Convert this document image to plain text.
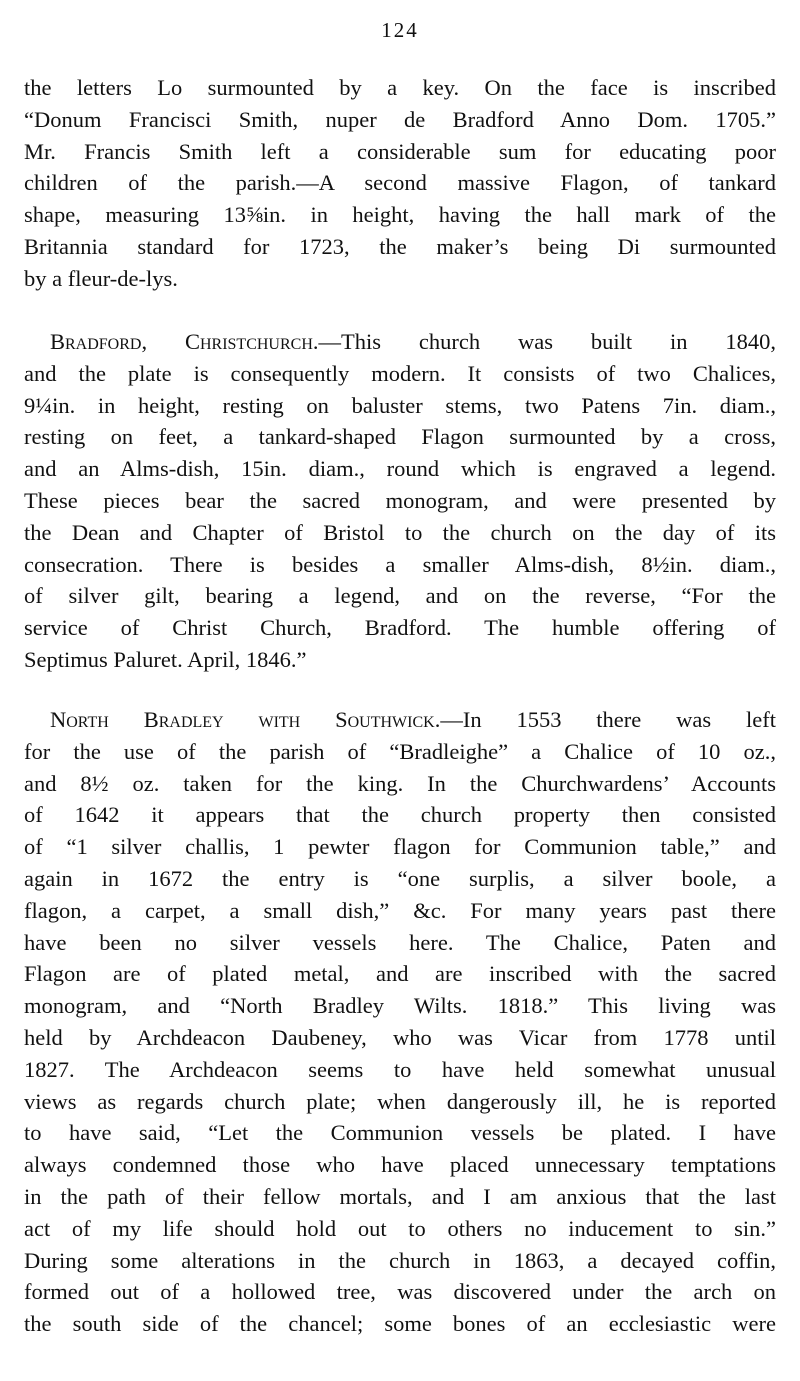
124
the letters Lo surmounted by a key. On the face is inscribed
“Donum Francisci Smith, nuper de Bradford Anno Dom. 1705.”
Mr. Francis Smith left a considerable sum for educating poor
children of the parish.—A second massive Flagon, of tankard
shape, measuring 13⅝in. in height, having the hall mark of the
Britannia standard for 1723, the maker’s being Di surmounted
by a fleur-de-lys.
Bradford, Christchurch.—This church was built in 1840,
and the plate is consequently modern. It consists of two Chalices,
9¼in. in height, resting on baluster stems, two Patens 7in. diam.,
resting on feet, a tankard-shaped Flagon surmounted by a cross,
and an Alms-dish, 15in. diam., round which is engraved a legend.
These pieces bear the sacred monogram, and were presented by
the Dean and Chapter of Bristol to the church on the day of its
consecration. There is besides a smaller Alms-dish, 8½in. diam.,
of silver gilt, bearing a legend, and on the reverse, “For the
service of Christ Church, Bradford. The humble offering of
Septimus Paluret. April, 1846.”
North Bradley with Southwick.—In 1553 there was left
for the use of the parish of “Bradleighe” a Chalice of 10 oz.,
and 8½ oz. taken for the king. In the Churchwardens’ Accounts
of 1642 it appears that the church property then consisted
of “1 silver challis, 1 pewter flagon for Communion table,” and
again in 1672 the entry is “one surplis, a silver boole, a
flagon, a carpet, a small dish,” &c. For many years past there
have been no silver vessels here. The Chalice, Paten and
Flagon are of plated metal, and are inscribed with the sacred
monogram, and “North Bradley Wilts. 1818.” This living was
held by Archdeacon Daubeney, who was Vicar from 1778 until
1827. The Archdeacon seems to have held somewhat unusual
views as regards church plate; when dangerously ill, he is reported
to have said, “Let the Communion vessels be plated. I have
always condemned those who have placed unnecessary temptations
in the path of their fellow mortals, and I am anxious that the last
act of my life should hold out to others no inducement to sin.”
During some alterations in the church in 1863, a decayed coffin,
formed out of a hollowed tree, was discovered under the arch on
the south side of the chancel; some bones of an ecclesiastic were
